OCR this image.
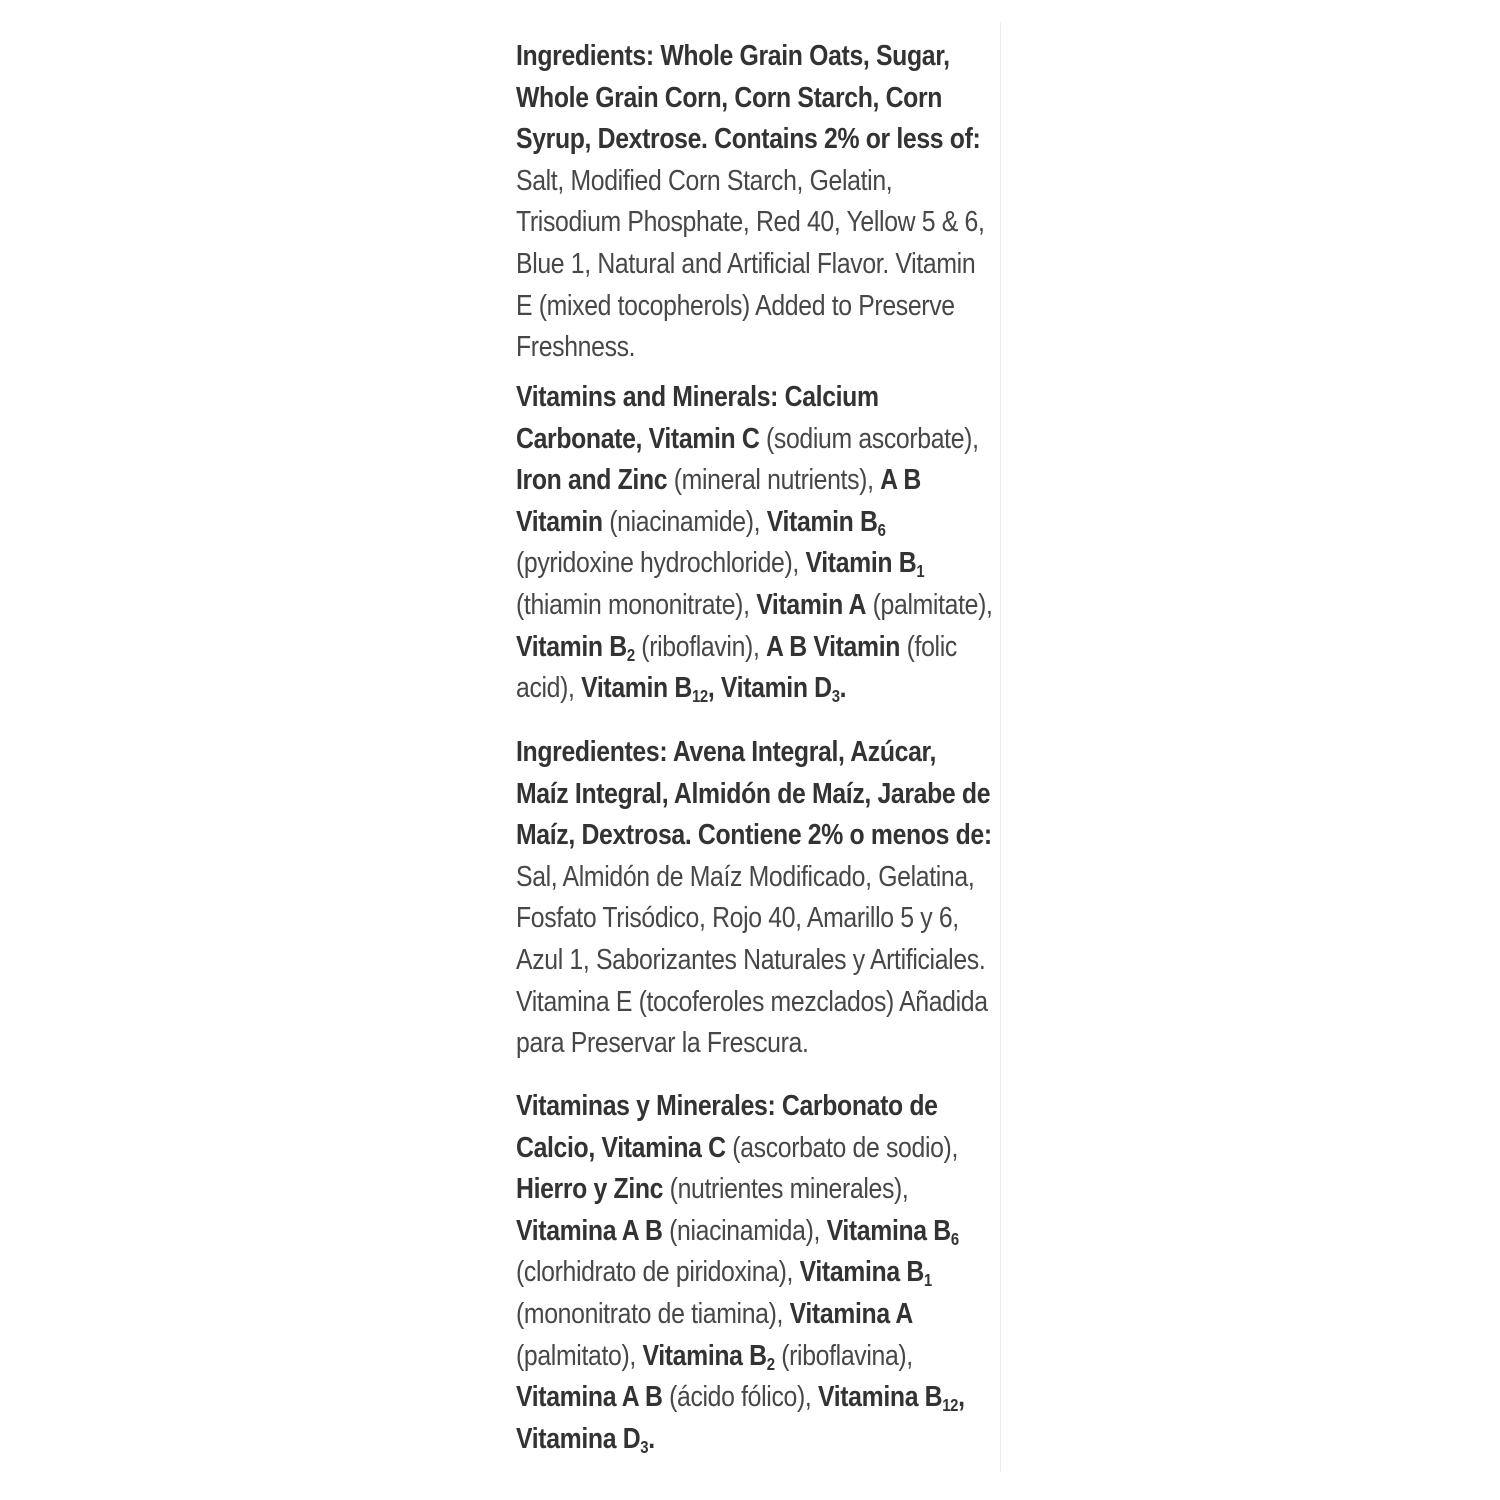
Ingredients: Whole Grain Oats, Sugar,
Whole Grain Corn, Corn Starch, Corn
Syrup, Dextrose. Contains 2% or less of:
Salt, Modified Corn Starch, Gelatin,
Trisodium Phosphate, Red 40, Yellow 5 & 6,
Blue 1, Natural and Artificial Flavor. Vitamin
E (mixed tocopherols) Added to Preserve
Freshness.
Vitamins and Minerals: Calcium
Carbonate, Vitamin C (sodium ascorbate),
Iron and Zinc (mineral nutrients), A B
Vitamin (niacinamide), Vitamin $B_6$
(pyridoxine hydrochloride), Vitamin $B_1$
(thiamin mononitrate), Vitamin A (palmitate),
Vitamin $B_2$ (riboflavin), A B Vitamin (folic
acid), Vitamin $B_{12}$, Vitamin $D_3$.
Ingredientes: Avena Integral, Azúcar,
Maíz Integral, Almidón de Maíz, Jarabe de
Maíz, Dextrosa. Contiene 2% o menos de:
Sal, Almidón de Maíz Modificado, Gelatina,
Fosfato Trisódico, Rojo 40, Amarillo 5 y 6,
Azul 1, Saborizantes Naturales y Artificiales.
Vitamina E (tocoferoles mezclados) Añadida
para Preservar la Frescura.
Vitaminas y Minerales: Carbonato de
Calcio, Vitamina C (ascorbato de sodio),
Hierro y Zinc (nutrientes minerales),
Vitamina A B (niacinamida), Vitamina $B_6$
(clorhidrato de piridoxina), Vitamina $B_1$
(mononitrato de tiamina), Vitamina A
(palmitato), Vitamina $B_2$ (riboflavina),
Vitamina A B (ácido fólico), Vitamina $B_{12}$,
Vitamina $D_3$.
